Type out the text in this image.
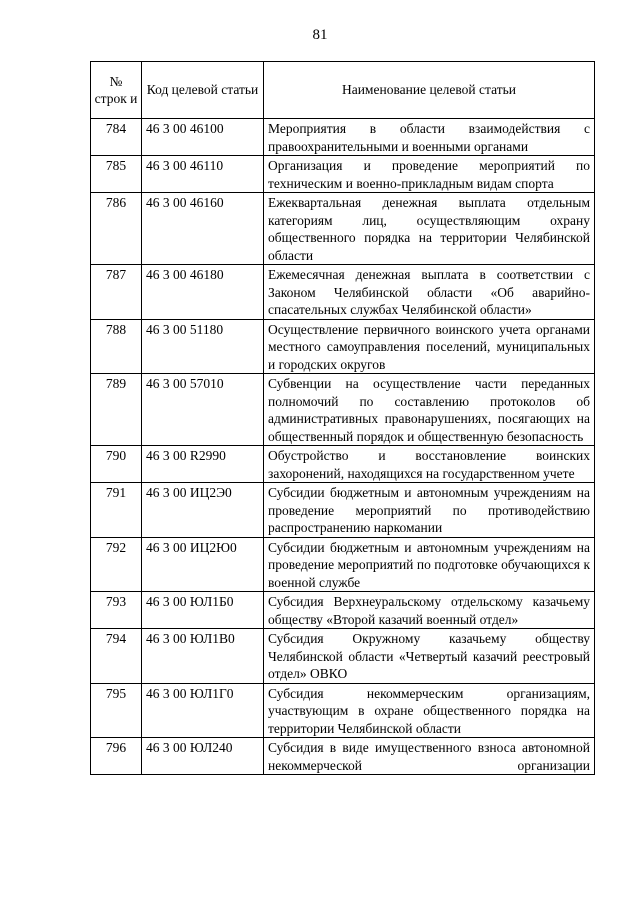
81
№ строк и	Код целевой статьи	Наименование целевой статьи
784	46 3 00 46100	Мероприятия в области взаимодействия с правоохранительными и военными органами
785	46 3 00 46110	Организация и проведение мероприятий по техническим и военно-прикладным видам спорта
786	46 3 00 46160	Ежеквартальная денежная выплата отдельным категориям лиц, осуществляющим охрану общественного порядка на территории Челябинской области
787	46 3 00 46180	Ежемесячная денежная выплата в соответствии с Законом Челябинской области «Об аварийно-спасательных службах Челябинской области»
788	46 3 00 51180	Осуществление первичного воинского учета органами местного самоуправления поселений, муниципальных и городских округов
789	46 3 00 57010	Субвенции на осуществление части переданных полномочий по составлению протоколов об административных правонарушениях, посягающих на общественный порядок и общественную безопасность
790	46 3 00 R2990	Обустройство и восстановление воинских захоронений, находящихся на государственном учете
791	46 3 00 ИЦ2Э0	Субсидии бюджетным и автономным учреждениям на проведение мероприятий по противодействию распространению наркомании
792	46 3 00 ИЦ2Ю0	Субсидии бюджетным и автономным учреждениям на проведение мероприятий по подготовке обучающихся к военной службе
793	46 3 00 ЮЛ1Б0	Субсидия Верхнеуральскому отдельскому казачьему обществу «Второй казачий военный отдел»
794	46 3 00 ЮЛ1В0	Субсидия Окружному казачьему обществу Челябинской области «Четвертый казачий реестровый отдел» ОВКО
795	46 3 00 ЮЛ1Г0	Субсидия некоммерческим организациям, участвующим в охране общественного порядка на территории Челябинской области
796	46 3 00 ЮЛ240	Субсидия в виде имущественного взноса автономной некоммерческой организации
